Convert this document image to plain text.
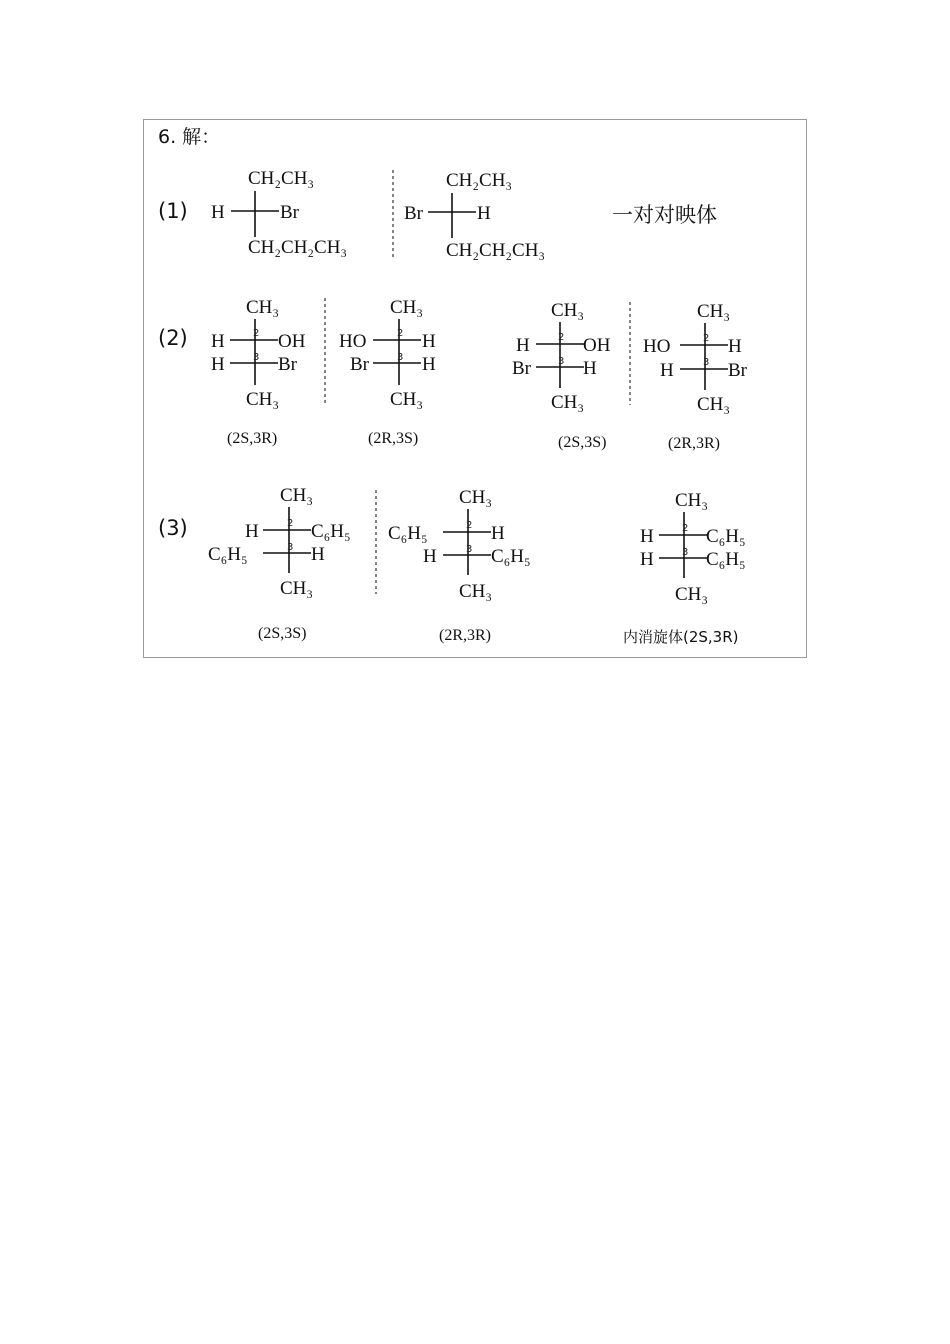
6. 解：
(1)
CH₂CH₃
H	Br
CH₂CH₂CH₃
CH₂CH₃
Br	H
CH₂CH₂CH₃
一对对映体
(2)
CH₃
H	OH
H	Br
2
3
CH₃
(2S,3R)
CH₃
HO	H
Br	H
2
3
CH₃
(2R,3S)
CH₃
H	OH
Br	H
2
3
CH₃
(2S,3S)
CH₃
HO	H
H	Br
2
3
CH₃
(2R,3R)
(3)
CH₃
H	C₆H₅
C₆H₅	H
2
3
CH₃
(2S,3S)
CH₃
C₆H₅	H
H	C₆H₅
2
3
CH₃
(2R,3R)
CH₃
H	C₆H₅
H	C₆H₅
2
3
CH₃
内消旋体(2S,3R)
